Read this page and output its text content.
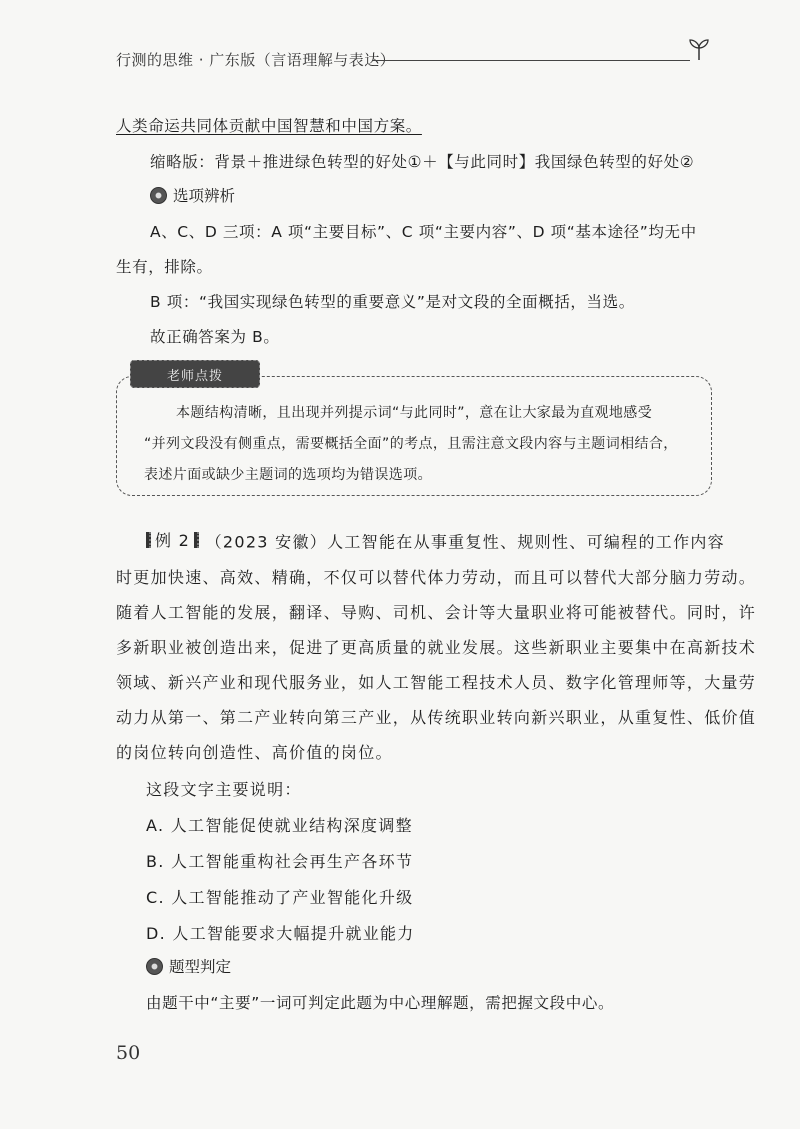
行测的思维 · 广东版（言语理解与表达）
人类命运共同体贡献中国智慧和中国方案。
缩略版：背景＋推进绿色转型的好处①＋【与此同时】我国绿色转型的好处②
选项辨析
A、C、D 三项：A 项“主要目标”、C 项“主要内容”、D 项“基本途径”均无中
生有，排除。
B 项：“我国实现绿色转型的重要意义”是对文段的全面概括，当选。
故正确答案为 B。
老师点拨
本题结构清晰，且出现并列提示词“与此同时”，意在让大家最为直观地感受
“并列文段没有侧重点，需要概括全面”的考点，且需注意文段内容与主题词相结合，
表述片面或缺少主题词的选项均为错误选项。
例 2 （2023 安徽）人工智能在从事重复性、规则性、可编程的工作内容
时更加快速、高效、精确，不仅可以替代体力劳动，而且可以替代大部分脑力劳动。
随着人工智能的发展，翻译、导购、司机、会计等大量职业将可能被替代。同时，许
多新职业被创造出来，促进了更高质量的就业发展。这些新职业主要集中在高新技术
领域、新兴产业和现代服务业，如人工智能工程技术人员、数字化管理师等，大量劳
动力从第一、第二产业转向第三产业，从传统职业转向新兴职业，从重复性、低价值
的岗位转向创造性、高价值的岗位。
这段文字主要说明：
A. 人工智能促使就业结构深度调整
B. 人工智能重构社会再生产各环节
C. 人工智能推动了产业智能化升级
D. 人工智能要求大幅提升就业能力
题型判定
由题干中“主要”一词可判定此题为中心理解题，需把握文段中心。
50
